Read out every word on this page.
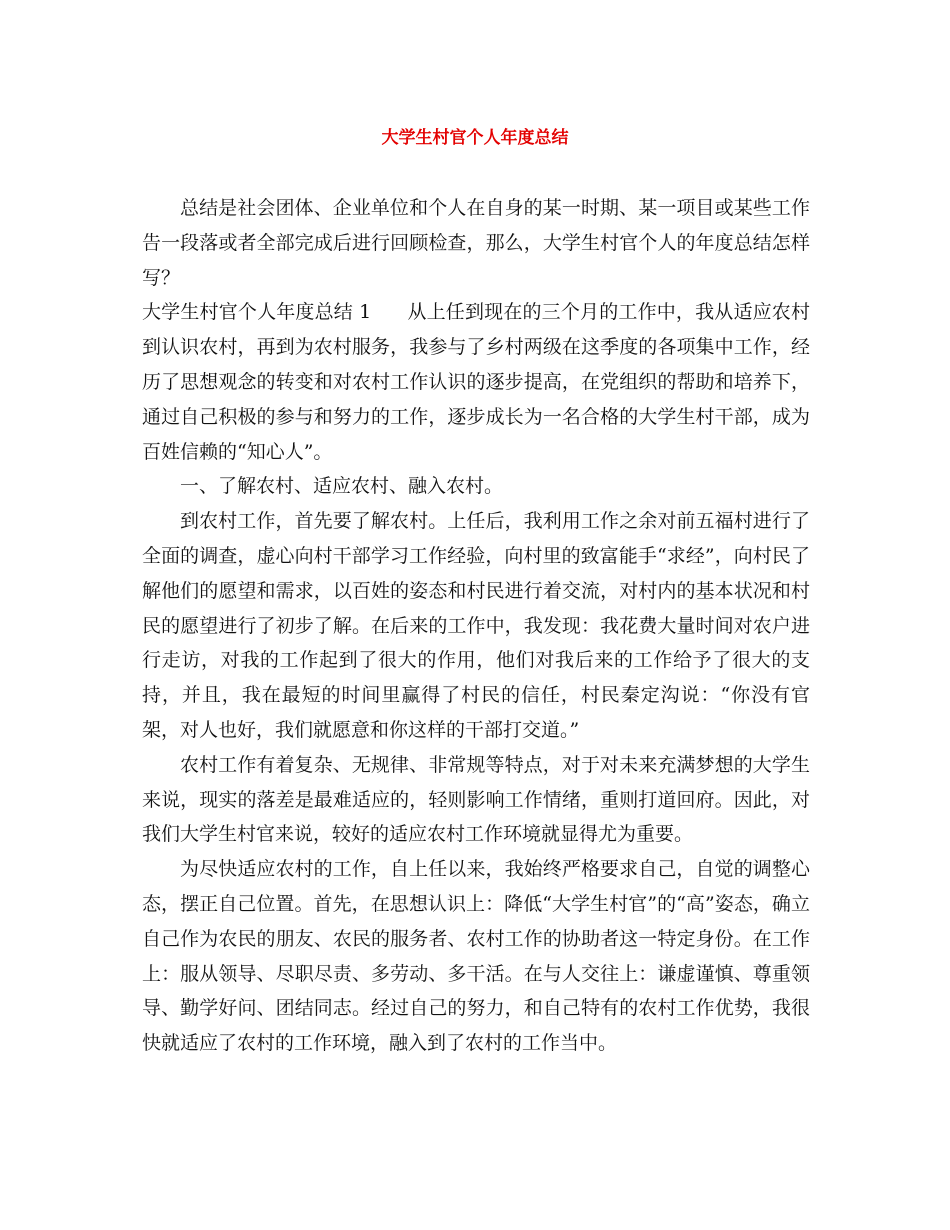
大学生村官个人年度总结

总结是社会团体、企业单位和个人在自身的某一时期、某一项目或某些工作告一段落或者全部完成后进行回顾检查，那么，大学生村官个人的年度总结怎样写？

大学生村官个人年度总结 1 从上任到现在的三个月的工作中，我从适应农村到认识农村，再到为农村服务，我参与了乡村两级在这季度的各项集中工作，经历了思想观念的转变和对农村工作认识的逐步提高，在党组织的帮助和培养下，通过自己积极的参与和努力的工作，逐步成长为一名合格的大学生村干部，成为百姓信赖的“知心人”。

一、了解农村、适应农村、融入农村。

到农村工作，首先要了解农村。上任后，我利用工作之余对前五福村进行了全面的调查，虚心向村干部学习工作经验，向村里的致富能手“求经”，向村民了解他们的愿望和需求，以百姓的姿态和村民进行着交流，对村内的基本状况和村民的愿望进行了初步了解。在后来的工作中，我发现：我花费大量时间对农户进行走访，对我的工作起到了很大的作用，他们对我后来的工作给予了很大的支持，并且，我在最短的时间里赢得了村民的信任，村民秦定沟说：“你没有官架，对人也好，我们就愿意和你这样的干部打交道。”

农村工作有着复杂、无规律、非常规等特点，对于对未来充满梦想的大学生来说，现实的落差是最难适应的，轻则影响工作情绪，重则打道回府。因此，对我们大学生村官来说，较好的适应农村工作环境就显得尤为重要。

为尽快适应农村的工作，自上任以来，我始终严格要求自己，自觉的调整心态，摆正自己位置。首先，在思想认识上：降低“大学生村官”的“高”姿态，确立自己作为农民的朋友、农民的服务者、农村工作的协助者这一特定身份。在工作上：服从领导、尽职尽责、多劳动、多干活。在与人交往上：谦虚谨慎、尊重领导、勤学好问、团结同志。经过自己的努力，和自己特有的农村工作优势，我很快就适应了农村的工作环境，融入到了农村的工作当中。
